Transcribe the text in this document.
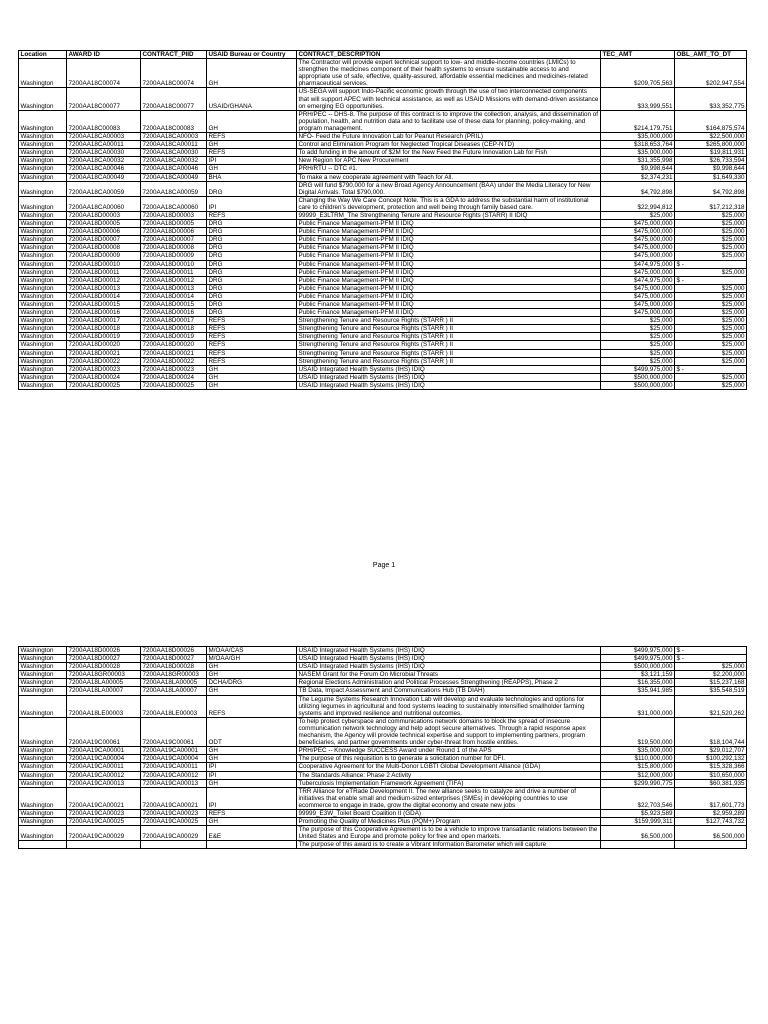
Location	AWARD ID	CONTRACT_PIID	USAID Bureau or Country	CONTRACT_DESCRIPTION	TEC_AMT	OBL_AMT_TO_DT
Washington	7200AA18C00074	7200AA18C00074	GH	The Contractor will provide expert technical support to low- and middle-income countries (LMICs) to strengthen the medicines component of their health systems to ensure sustainable access to and appropriate use of safe, effective, quality-assured, affordable essential medicines and medicines-related pharmaceutical services.	$209,705,563	$202,947,554
Washington	7200AA18C00077	7200AA18C00077	USAID/GHANA	US-SEGA will support Indo-Pacific economic growth through the use of two interconnected components that will support APEC with technical assistance, as well as USAID Missions with demand-driven assistance on emerging EG opportunities.	$33,999,551	$33,352,775
Washington	7200AA18C00083	7200AA18C00083	GH	PRH/PEC -- DHS-8. The purpose of this contract is to improve the collection, analysis, and dissemination of population, health, and nutrition data and to facilitate use of these data for planning, policy-making, and program management.	$214,179,751	$164,875,574
Washington	7200AA18CA00003	7200AA18CA00003	REFS	NFO- Feed the Future Innovation Lab for Peanut Research (PRIL)	$35,000,000	$22,500,000
Washington	7200AA18CA00011	7200AA18CA00011	GH	Control and Elimination Program for Neglected Tropical Diseases (CEP-NTD)	$318,653,764	$265,800,000
Washington	7200AA18CA00030	7200AA18CA00030	REFS	To add funding in the amount of $2M for the New Feed the Future Innovation Lab for Fish	$35,000,000	$19,811,931
Washington	7200AA18CA00032	7200AA18CA00032	IPI	New Region for APC New Procurement	$31,355,998	$26,733,594
Washington	7200AA18CA00046	7200AA18CA00046	GH	PRH/RTU -- DTC #1.	$9,998,644	$9,998,644
Washington	7200AA18CA00049	7200AA18CA00049	BHA	To make a new cooperate agreement with Teach for All.	$2,374,231	$1,649,330
Washington	7200AA18CA00059	7200AA18CA00059	DRG	DRG will fund $790,000 for a new Broad Agency Announcement (BAA) under the Media Literacy for New Digital Arrivals. Total $790,000.	$4,792,898	$4,792,898
Washington	7200AA18CA00060	7200AA18CA00060	IPI	Changing the Way We Care Concept Note. This is a GDA to address the substantial harm of institutional care to children's development, protection and well being through family based care.	$22,994,812	$17,212,318
Washington	7200AA18D00003	7200AA18D00003	REFS	99999_E3LTRM_The Strengthening Tenure and Resource Rights (STARR) II IDIQ	$25,000	$25,000
Washington	7200AA18D00005	7200AA18D00005	DRG	Public Finance Management-PFM II IDIQ	$475,000,000	$25,000
Washington	7200AA18D00006	7200AA18D00006	DRG	Public Finance Management-PFM II IDIQ	$475,000,000	$25,000
Washington	7200AA18D00007	7200AA18D00007	DRG	Public Finance Management-PFM II IDIQ	$475,000,000	$25,000
Washington	7200AA18D00008	7200AA18D00008	DRG	Public Finance Management-PFM II IDIQ	$475,000,000	$25,000
Washington	7200AA18D00009	7200AA18D00009	DRG	Public Finance Management-PFM II IDIQ	$475,000,000	$25,000
Washington	7200AA18D00010	7200AA18D00010	DRG	Public Finance Management-PFM II IDIQ	$474,975,000	$ -
Washington	7200AA18D00011	7200AA18D00011	DRG	Public Finance Management-PFM II IDIQ	$475,000,000	$25,000
Washington	7200AA18D00012	7200AA18D00012	DRG	Public Finance Management-PFM II IDIQ	$474,975,000	$ -
Washington	7200AA18D00013	7200AA18D00013	DRG	Public Finance Management-PFM II IDIQ	$475,000,000	$25,000
Washington	7200AA18D00014	7200AA18D00014	DRG	Public Finance Management-PFM II IDIQ	$475,000,000	$25,000
Washington	7200AA18D00015	7200AA18D00015	DRG	Public Finance Management-PFM II IDIQ	$475,000,000	$25,000
Washington	7200AA18D00016	7200AA18D00016	DRG	Public Finance Management-PFM II IDIQ	$475,000,000	$25,000
Washington	7200AA18D00017	7200AA18D00017	REFS	Strengthening Tenure and Resource Rights (STARR ) II	$25,000	$25,000
Washington	7200AA18D00018	7200AA18D00018	REFS	Strengthening Tenure and Resource Rights (STARR ) II	$25,000	$25,000
Washington	7200AA18D00019	7200AA18D00019	REFS	Strengthening Tenure and Resource Rights (STARR ) II	$25,000	$25,000
Washington	7200AA18D00020	7200AA18D00020	REFS	Strengthening Tenure and Resource Rights (STARR ) II	$25,000	$25,000
Washington	7200AA18D00021	7200AA18D00021	REFS	Strengthening Tenure and Resource Rights (STARR ) II	$25,000	$25,000
Washington	7200AA18D00022	7200AA18D00022	REFS	Strengthening Tenure and Resource Rights (STARR ) II	$25,000	$25,000
Washington	7200AA18D00023	7200AA18D00023	GH	USAID Integrated Health Systems (IHS) IDIQ	$499,975,000	$ -
Washington	7200AA18D00024	7200AA18D00024	GH	USAID Integrated Health Systems (IHS) IDIQ	$500,000,000	$25,000
Washington	7200AA18D00025	7200AA18D00025	GH	USAID Integrated Health Systems (IHS) IDIQ	$500,000,000	$25,000
Page 1
Washington	7200AA18D00026	7200AA18D00026	M/OAA/CAS	USAID Integrated Health Systems (IHS) IDIQ	$499,975,000	$ -
Washington	7200AA18D00027	7200AA18D00027	M/OAA/GH	USAID Integrated Health Systems (IHS) IDIQ	$499,975,000	$ -
Washington	7200AA18D00028	7200AA18D00028	GH	USAID Integrated Health Systems (IHS) IDIQ	$500,000,000	$25,000
Washington	7200AA18GR00003	7200AA18GR00003	GH	NASEM Grant for the Forum On Microbial Threats	$3,121,159	$2,200,000
Washington	7200AA18LA00005	7200AA18LA00005	DCHA/DRG	Regional Elections Administration and Political Processes Strengthening (REAPPS), Phase 2	$16,355,000	$15,237,168
Washington	7200AA18LA00007	7200AA18LA00007	GH	TB Data, Impact Assessment and Communications Hub (TB DIAH)	$35,941,985	$35,548,519
Washington	7200AA18LE00003	7200AA18LE00003	REFS	The Legume Systems Research Innovation Lab will develop and evaluate technologies and options for utilizing legumes in agricultural and food systems leading to sustainably intensified smallholder farming systems and improved resilience and nutritional outcomes.	$31,000,000	$21,520,262
Washington	7200AA19C00061	7200AA19C00061	ODT	To help protect cyberspace and communications network domains to block the spread of insecure communication network technology and help adopt secure alternatives. Through a rapid response apex mechanism, the Agency will provide technical expertise and support to implementing partners, program beneficiaries, and partner governments under cyber-threat from hostile entities.	$19,500,000	$18,104,744
Washington	7200AA19CA00001	7200AA19CA00001	GH	PRH/PEC -- Knowledge SUCCESS Award under Round 1 of the APS	$35,000,000	$29,012,707
Washington	7200AA19CA00004	7200AA19CA00004	GH	The purpose of this requisition is to generate a solicitation number for DFI.	$110,000,000	$100,292,132
Washington	7200AA19CA00011	7200AA19CA00011	IPI	Cooperative Agreement for the Multi-Donor LGBTI Global Development Alliance (GDA)	$15,800,000	$15,328,366
Washington	7200AA19CA00012	7200AA19CA00012	IPI	The Standards Alliance: Phase 2 Activity	$12,000,000	$10,650,000
Washington	7200AA19CA00013	7200AA19CA00013	GH	Tuberculosis Implementation Framework Agreement (TIFA)	$299,990,775	$60,381,935
Washington	7200AA19CA00021	7200AA19CA00021	IPI	TRR Alliance for eTRade Development II. The new alliance seeks to catalyze and drive a number of initiatives that enable small and medium-sized enterprises (SMEs) in developing countries to use ecommerce to engage in trade, grow the digital economy and create new jobs	$22,703,546	$17,601,773
Washington	7200AA19CA00023	7200AA19CA00023	REFS	99999_E3W_Toilet Board Coalition II (GDA)	$5,923,589	$2,959,289
Washington	7200AA19CA00025	7200AA19CA00025	GH	Promoting the Quality of Medicines Plus (PQM+) Program	$159,999,311	$127,743,732
Washington	7200AA19CA00029	7200AA19CA00029	E&E	The purpose of this Cooperative Agreement is to be a vehicle to improve transatlantic relations between the United States and Europe and promote policy for free and open markets.	$6,500,000	$6,500,000
				The purpose of this award is to create a Vibrant Information Barometer which will capture		
